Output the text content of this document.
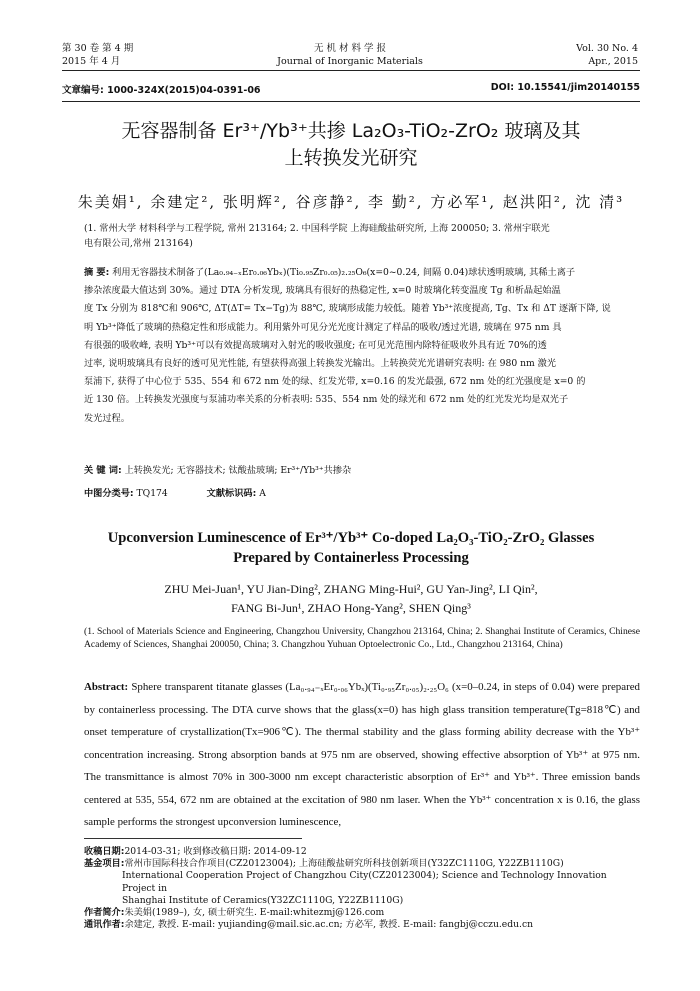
第 30 卷 第 4 期
2015 年 4 月
无 机 材 料 学 报
Journal of Inorganic Materials
Vol. 30 No. 4
Apr., 2015
文章编号: 1000-324X(2015)04-0391-06	DOI: 10.15541/jim20140155
无容器制备 Er³⁺/Yb³⁺共掺 La₂O₃-TiO₂-ZrO₂ 玻璃及其
上转换发光研究
朱美娟¹, 余建定², 张明辉², 谷彦静², 李 勤², 方必军¹, 赵洪阳², 沈 清³
(1. 常州大学 材料科学与工程学院, 常州 213164; 2. 中国科学院 上海硅酸盐研究所, 上海 200050; 3. 常州宇联光
电有限公司,常州 213164)
摘 要: 利用无容器技术制备了(La₀.₉₄₋ₓEr₀.₀₆Ybₓ)(Ti₀.₉₅Zr₀.₀₅)₂.₂₅O₆(x=0~0.24, 间隔 0.04)球状透明玻璃, 其稀土离子
掺杂浓度最大值达到 30%。通过 DTA 分析发现, 玻璃具有很好的热稳定性, x=0 时玻璃化转变温度 Tg 和析晶起始温
度 Tx 分别为 818℃和 906℃, ΔT(ΔT= Tx−Tg)为 88℃, 玻璃形成能力较低。随着 Yb³⁺浓度提高, Tg、Tx 和 ΔT 逐渐下降, 说
明 Yb³⁺降低了玻璃的热稳定性和形成能力。利用紫外可见分光光度计测定了样品的吸收/透过光谱, 玻璃在 975 nm 具
有很强的吸收峰, 表明 Yb³⁺可以有效提高玻璃对入射光的吸收强度; 在可见光范围内除特征吸收外具有近 70%的透
过率, 说明玻璃具有良好的透可见光性能, 有望获得高强上转换发光输出。上转换荧光光谱研究表明: 在 980 nm 激光
泵浦下, 获得了中心位于 535、554 和 672 nm 处的绿、红发光带, x=0.16 的发光最强, 672 nm 处的红光强度是 x=0 的
近 130 倍。上转换发光强度与泵浦功率关系的分析表明: 535、554 nm 处的绿光和 672 nm 处的红光发光均是双光子
发光过程。
关 键 词: 上转换发光; 无容器技术; 钛酸盐玻璃; Er³⁺/Yb³⁺共掺杂
中图分类号: TQ174	文献标识码: A
Upconversion Luminescence of Er³⁺/Yb³⁺ Co-doped La₂O₃-TiO₂-ZrO₂ Glasses
Prepared by Containerless Processing
ZHU Mei-Juan¹, YU Jian-Ding², ZHANG Ming-Hui², GU Yan-Jing², LI Qin²,
FANG Bi-Jun¹, ZHAO Hong-Yang², SHEN Qing³
(1. School of Materials Science and Engineering, Changzhou University, Changzhou 213164, China; 2. Shanghai Institute of Ceramics, Chinese Academy of Sciences, Shanghai 200050, China; 3. Changzhou Yuhuan Optoelectronic Co., Ltd., Changzhou 213164, China)
Abstract: Sphere transparent titanate glasses (La₀.₉₄₋ₓEr₀.₀₆Ybₓ)(Ti₀.₉₅Zr₀.₀₅)₂.₂₅O₆ (x=0–0.24, in steps of 0.04) were prepared by containerless processing. The DTA curve shows that the glass(x=0) has high glass transition temperature(Tg=818℃) and onset temperature of crystallization(Tx=906℃). The thermal stability and the glass forming ability decrease with the Yb³⁺ concentration increasing. Strong absorption bands at 975 nm are observed, showing effective absorption of Yb³⁺ at 975 nm. The transmittance is almost 70% in 300-3000 nm except characteristic absorption of Er³⁺ and Yb³⁺. Three emission bands centered at 535, 554, 672 nm are obtained at the excitation of 980 nm laser. When the Yb³⁺ concentration x is 0.16, the glass sample performs the strongest upconversion luminescence,
收稿日期: 2014-03-31; 收到修改稿日期: 2014-09-12
基金项目: 常州市国际科技合作项目(CZ20123004); 上海硅酸盐研究所科技创新项目(Y32ZC1110G, Y22ZB1110G)
International Cooperation Project of Changzhou City(CZ20123004); Science and Technology Innovation Project in
Shanghai Institute of Ceramics(Y32ZC1110G, Y22ZB1110G)
作者简介: 朱美娟(1989–), 女, 硕士研究生. E-mail:whitezmj@126.com
通讯作者: 余建定, 教授. E-mail: yujianding@mail.sic.ac.cn; 方必军, 教授. E-mail: fangbj@cczu.edu.cn
